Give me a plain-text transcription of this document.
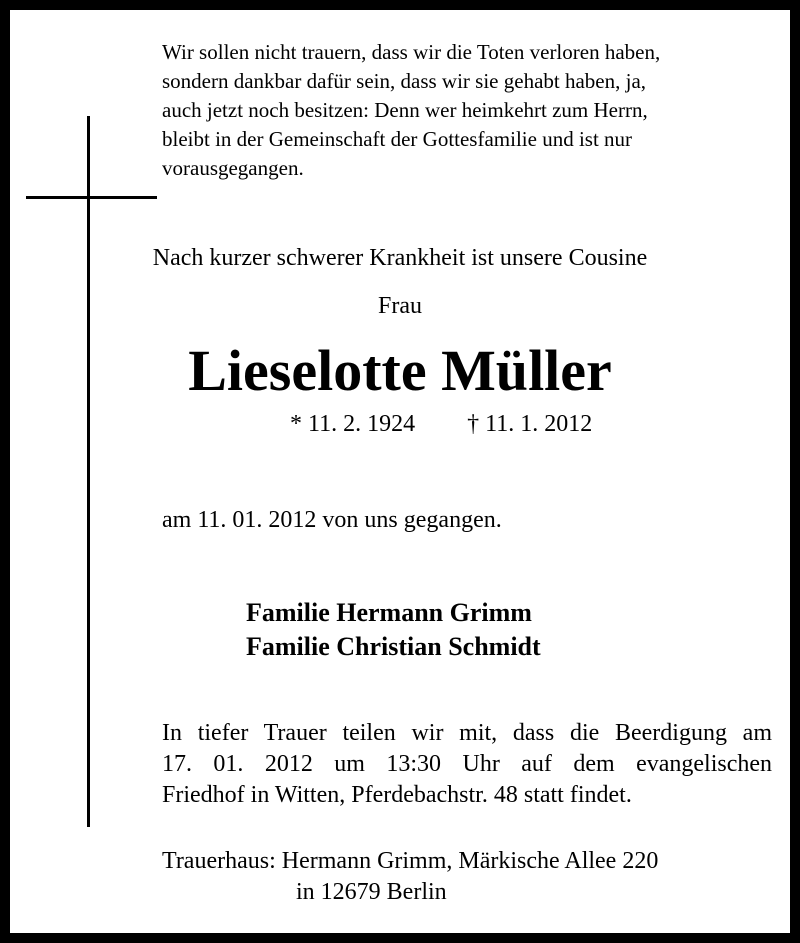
Wir sollen nicht trauern, dass wir die Toten verloren haben,
sondern dankbar dafür sein, dass wir sie gehabt haben, ja,
auch jetzt noch besitzen: Denn wer heimkehrt zum Herrn,
bleibt in der Gemeinschaft der Gottesfamilie und ist nur
vorausgegangen.
Nach kurzer schwerer Krankheit ist unsere Cousine
Frau
Lieselotte Müller
* 11. 2. 1924 † 11. 1. 2012
am 11. 01. 2012 von uns gegangen.
Familie Hermann Grimm
Familie Christian Schmidt
In tiefer Trauer teilen wir mit, dass die Beerdigung am
17. 01. 2012 um 13:30 Uhr auf dem evangelischen
Friedhof in Witten, Pferdebachstr. 48 statt findet.
Trauerhaus: Hermann Grimm, Märkische Allee 220
in 12679 Berlin
